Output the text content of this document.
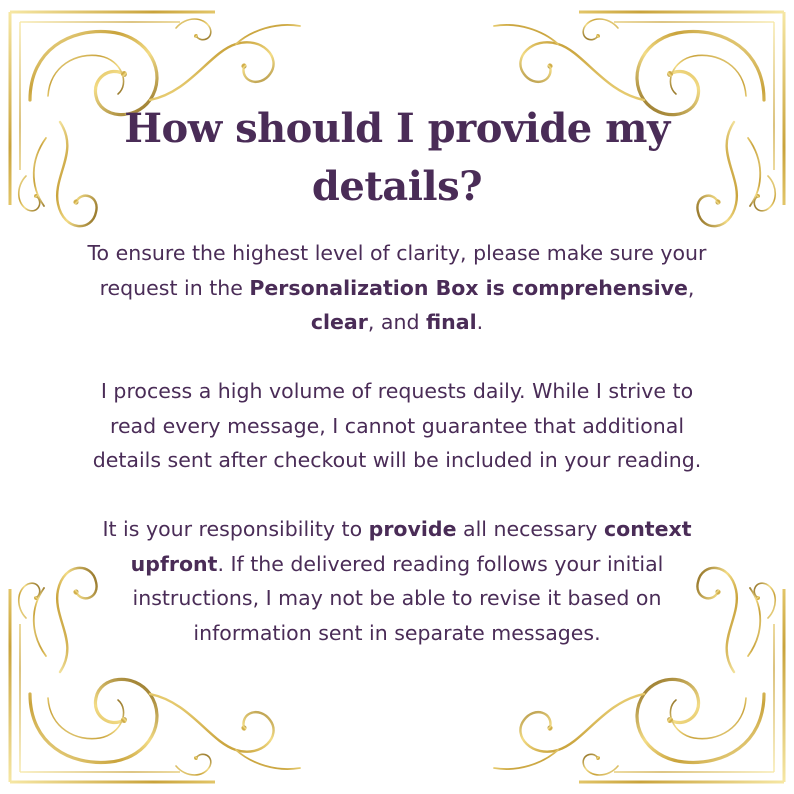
How should I provide my details?

To ensure the highest level of clarity, please make sure your request in the Personalization Box is comprehensive, clear, and final.

I process a high volume of requests daily. While I strive to read every message, I cannot guarantee that additional details sent after checkout will be included in your reading.

It is your responsibility to provide all necessary context upfront. If the delivered reading follows your initial instructions, I may not be able to revise it based on information sent in separate messages.
